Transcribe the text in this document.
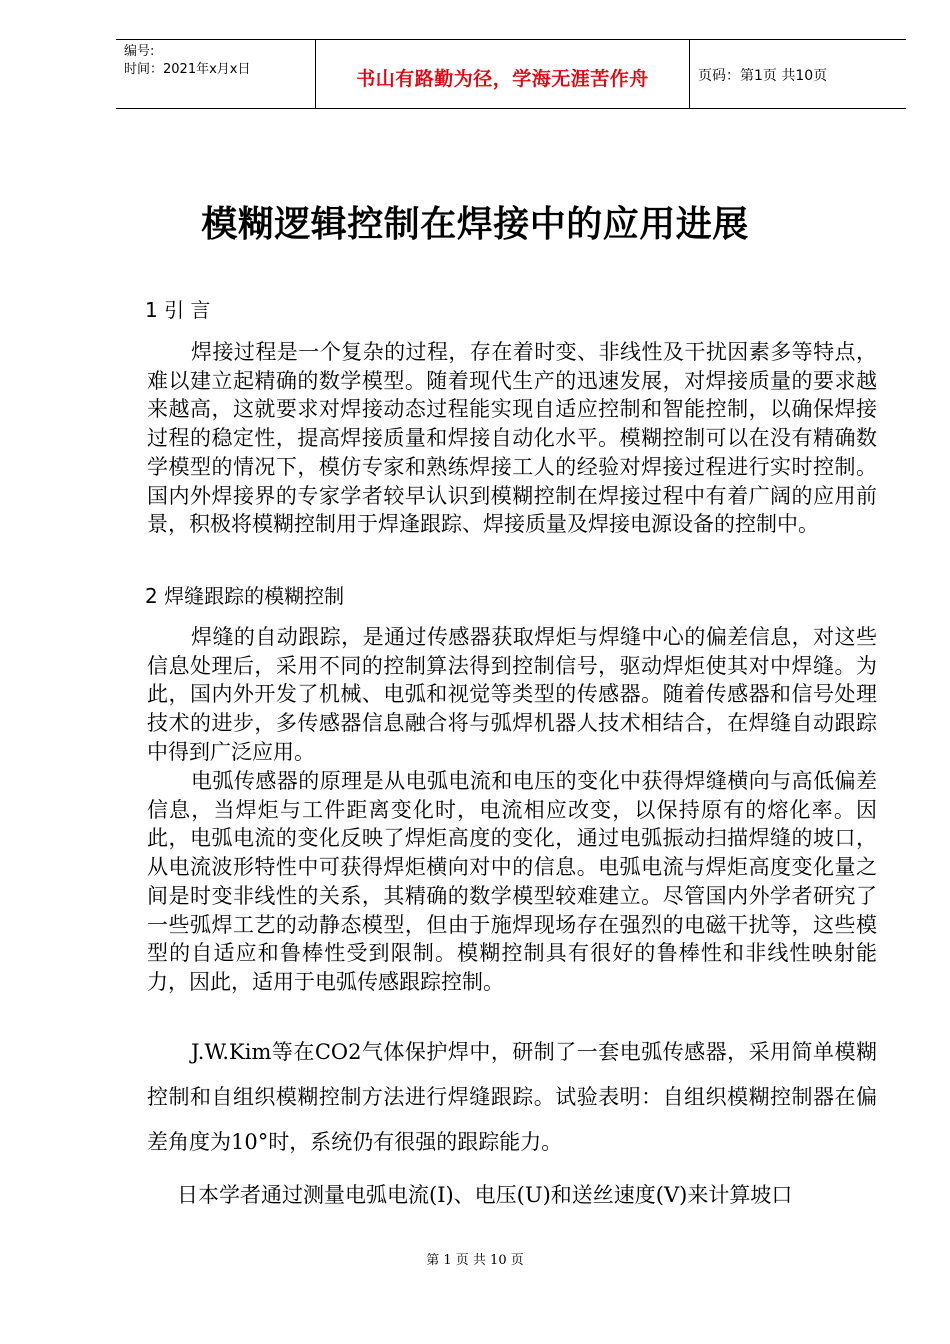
编号:
时间：2021年x月x日	书山有路勤为径，学海无涯苦作舟	页码：第1页 共10页
模糊逻辑控制在焊接中的应用进展
1 引 言

焊接过程是一个复杂的过程，存在着时变、非线性及干扰因素多等特点，难以建立起精确的数学模型。随着现代生产的迅速发展，对焊接质量的要求越来越高，这就要求对焊接动态过程能实现自适应控制和智能控制，以确保焊接过程的稳定性，提高焊接质量和焊接自动化水平。模糊控制可以在没有精确数学模型的情况下，模仿专家和熟练焊接工人的经验对焊接过程进行实时控制。国内外焊接界的专家学者较早认识到模糊控制在焊接过程中有着广阔的应用前景，积极将模糊控制用于焊逢跟踪、焊接质量及焊接电源设备的控制中。

2 焊缝跟踪的模糊控制

焊缝的自动跟踪，是通过传感器获取焊炬与焊缝中心的偏差信息，对这些信息处理后，采用不同的控制算法得到控制信号，驱动焊炬使其对中焊缝。为此，国内外开发了机械、电弧和视觉等类型的传感器。随着传感器和信号处理技术的进步，多传感器信息融合将与弧焊机器人技术相结合，在焊缝自动跟踪中得到广泛应用。

电弧传感器的原理是从电弧电流和电压的变化中获得焊缝横向与高低偏差信息，当焊炬与工件距离变化时，电流相应改变，以保持原有的熔化率。因此，电弧电流的变化反映了焊炬高度的变化，通过电弧振动扫描焊缝的坡口，从电流波形特性中可获得焊炬横向对中的信息。电弧电流与焊炬高度变化量之间是时变非线性的关系，其精确的数学模型较难建立。尽管国内外学者研究了一些弧焊工艺的动静态模型，但由于施焊现场存在强烈的电磁干扰等，这些模型的自适应和鲁棒性受到限制。模糊控制具有很好的鲁棒性和非线性映射能力，因此，适用于电弧传感跟踪控制。

J.W.Kim等在CO2气体保护焊中，研制了一套电弧传感器，采用简单模糊控制和自组织模糊控制方法进行焊缝跟踪。试验表明：自组织模糊控制器在偏差角度为10°时，系统仍有很强的跟踪能力。

日本学者通过测量电弧电流(I)、电压(U)和送丝速度(V)来计算坡口

第 1 页 共 10 页
